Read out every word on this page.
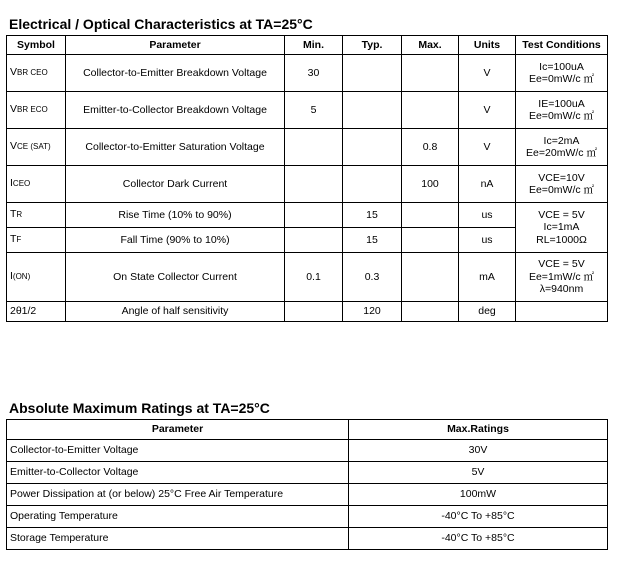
Electrical / Optical Characteristics at TA=25°C
Symbol	Parameter	Min.	Typ.	Max.	Units	Test Conditions
VBR CEO	Collector-to-Emitter Breakdown Voltage	30			V	Ic=100uA
Ee=0mW/c ㎡

VBR ECO	Emitter-to-Collector Breakdown Voltage	5			V	IE=100uA
Ee=0mW/c ㎡

VCE (SAT)	Collector-to-Emitter Saturation Voltage			0.8	V	Ic=2mA
Ee=20mW/c ㎡

ICEO	Collector Dark Current			100	nA	VCE=10V
Ee=0mW/c ㎡

TR	Rise Time (10% to 90%)		15		us	VCE = 5V
Ic=1mA
RL=1000Ω

TF	Fall Time (90% to 10%)		15		us	
I(ON)	On State Collector Current	0.1	0.3		mA	VCE = 5V
Ee=1mW/c ㎡
λ=940nm

2θ1/2	Angle of half sensitivity		120		deg	
Absolute Maximum Ratings at TA=25°C
Parameter	Max.Ratings
Collector-to-Emitter Voltage	30V
Emitter-to-Collector Voltage	5V
Power Dissipation at (or below) 25°C Free Air Temperature	100mW
Operating Temperature	-40°C To +85°C
Storage Temperature	-40°C To +85°C
